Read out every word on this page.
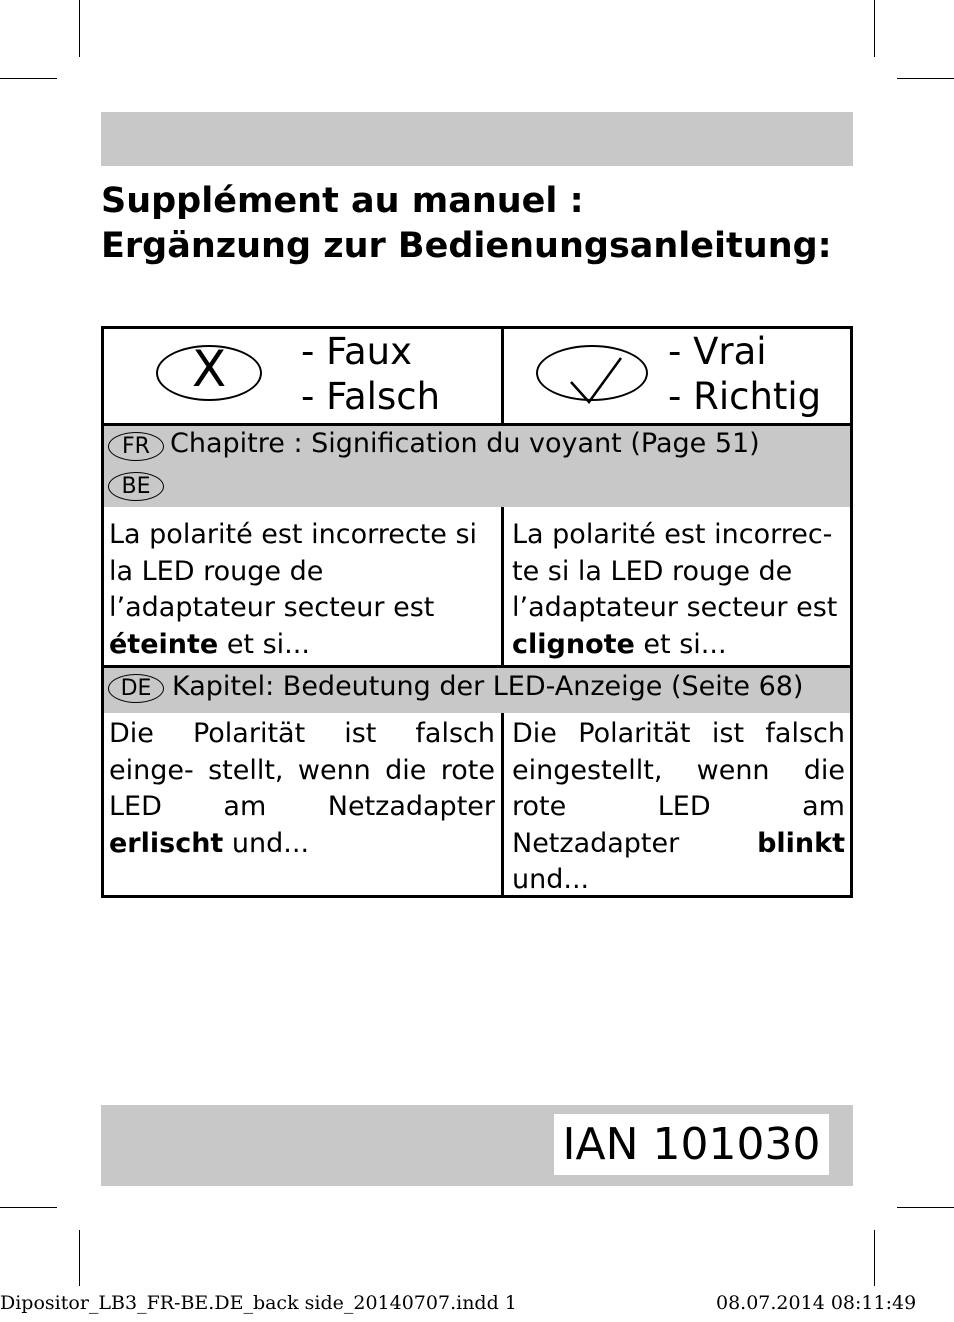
Supplément au manuel :
Ergänzung zur Bedienungsanleitung:
X - Faux
- Falsch
- Vrai
- Richtig
FR
BE
Chapitre : Signification du voyant (Page 51)
La polarité est incorrecte si la LED rouge de l’adaptateur secteur est éteinte et si...
La polarité est incorrec- te si la LED rouge de l’adaptateur secteur est clignote et si...
DE Kapitel: Bedeutung der LED-Anzeige (Seite 68)
Die Polarität ist falsch einge- stellt, wenn die rote LED am Netzadapter erlischt und...
Die Polarität ist falsch eingestellt, wenn die rote LED am Netzadapter blinkt und...
IAN 101030
Dipositor_LB3_FR-BE.DE_back side_20140707.indd 1	08.07.2014 08:11:49
